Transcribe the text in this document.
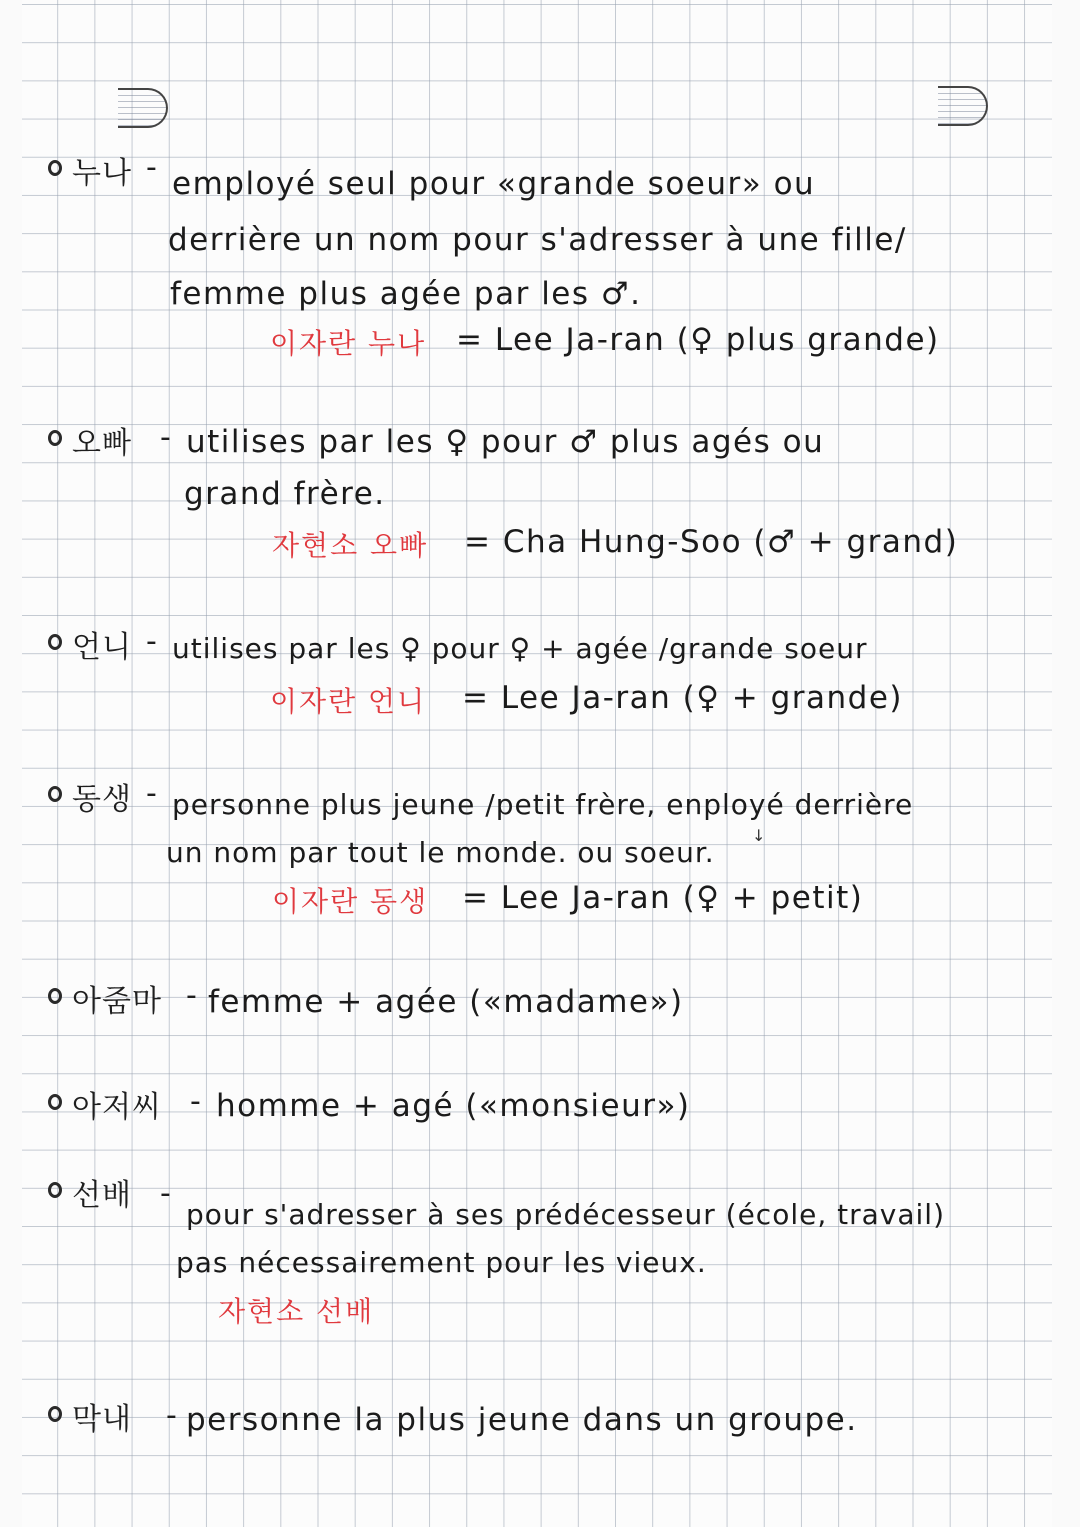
누나 - employé seul pour «grande soeur» ou
derrière un nom pour s'adresser à une fille/
femme plus agée par les ♂.
이자란 누나 = Lee Ja-ran (♀ plus grande)
오빠 - utilises par les ♀ pour ♂ plus agés ou
grand frère.
자현소 오빠 = Cha Hung-Soo (♂ + grand)
언니 - utilises par les ♀ pour ♀ + agée /grande soeur
이자란 언니 = Lee Ja-ran (♀ + grande)
동생 - personne plus jeune /petit frère, enployé derrière
un nom par tout le monde. ou soeur.
↓
이자란 동생 = Lee Ja-ran (♀ + petit)
아줌마 - femme + agée («madame»)
아저씨 - homme + agé («monsieur»)
선배 -
pour s'adresser à ses prédécesseur (école, travail)
pas nécessairement pour les vieux.
자현소 선배
막내 - personne la plus jeune dans un groupe.
